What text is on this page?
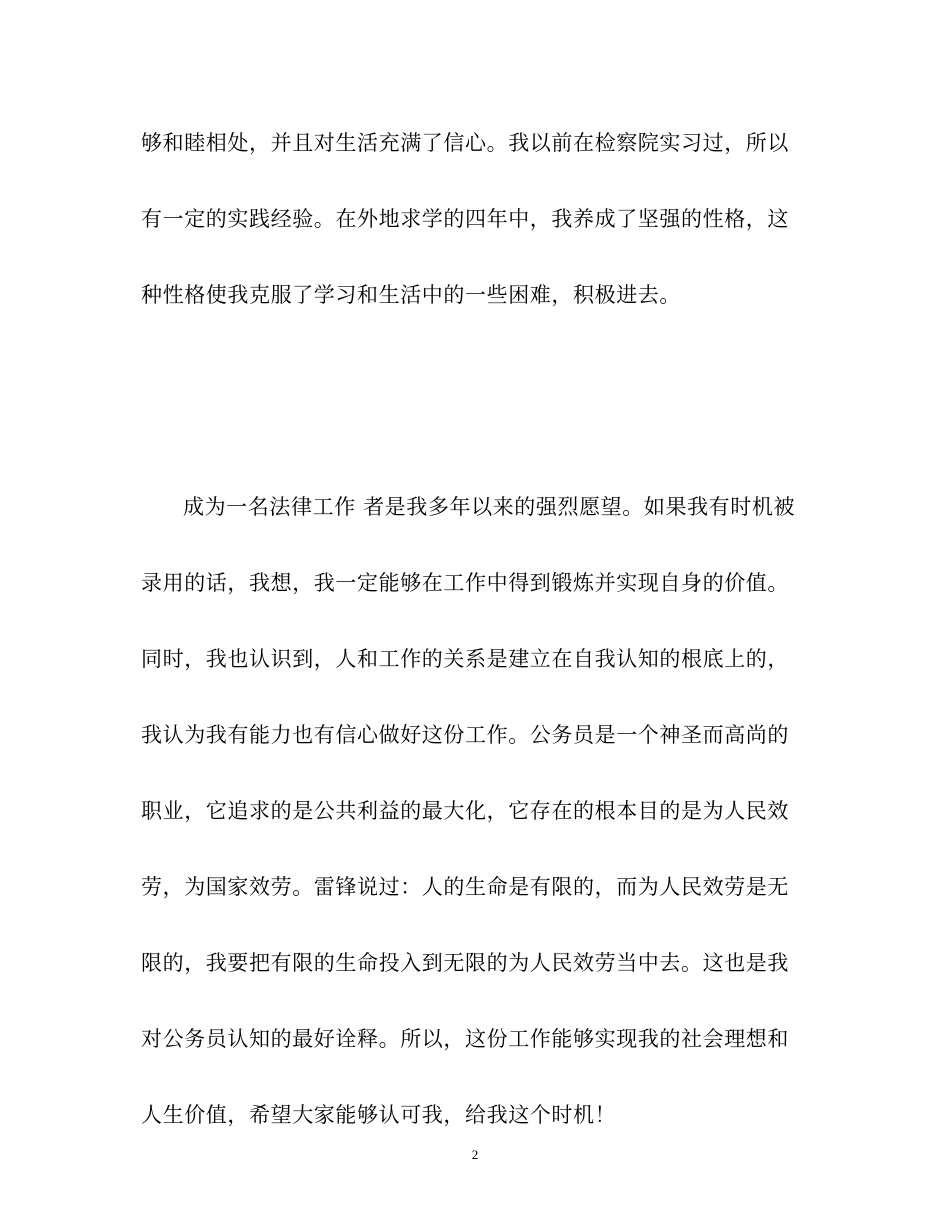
够和睦相处，并且对生活充满了信心。我以前在检察院实习过，所以
有一定的实践经验。在外地求学的四年中，我养成了坚强的性格，这
种性格使我克服了学习和生活中的一些困难，积极进去。
成为一名法律工作 者是我多年以来的强烈愿望。如果我有时机被
录用的话，我想，我一定能够在工作中得到锻炼并实现自身的价值。
同时，我也认识到，人和工作的关系是建立在自我认知的根底上的，
我认为我有能力也有信心做好这份工作。公务员是一个神圣而高尚的
职业，它追求的是公共利益的最大化，它存在的根本目的是为人民效
劳，为国家效劳。雷锋说过：人的生命是有限的，而为人民效劳是无
限的，我要把有限的生命投入到无限的为人民效劳当中去。这也是我
对公务员认知的最好诠释。所以，这份工作能够实现我的社会理想和
人生价值，希望大家能够认可我，给我这个时机！
2
